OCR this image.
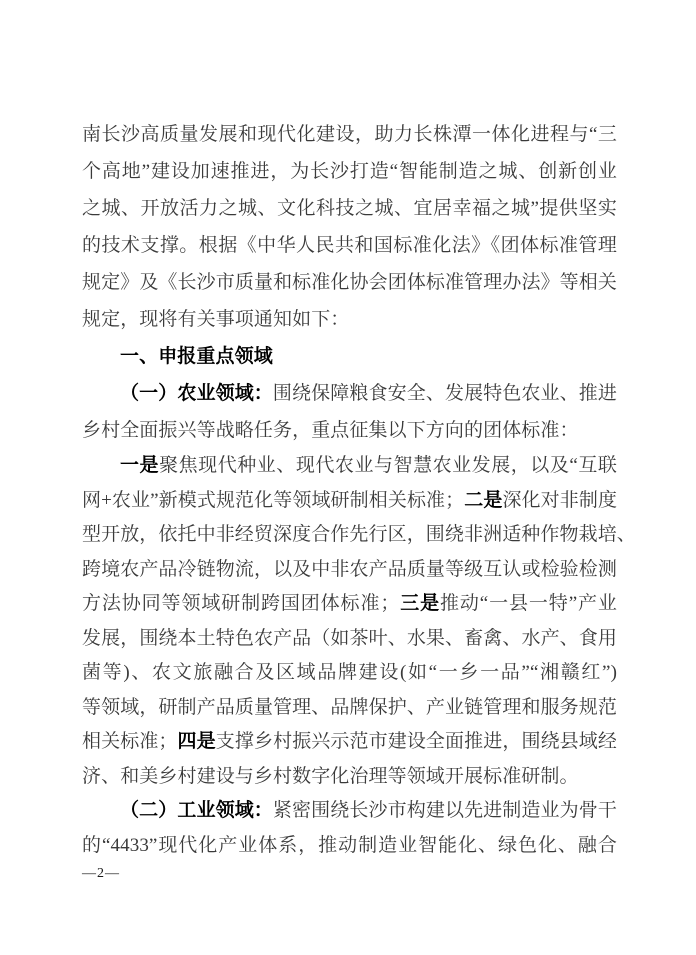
南长沙高质量发展和现代化建设，助力长株潭一体化进程与“三
个高地”建设加速推进，为长沙打造“智能制造之城、创新创业
之城、开放活力之城、文化科技之城、宜居幸福之城”提供坚实
的技术支撑。根据《中华人民共和国标准化法》《团体标准管理
规定》及《长沙市质量和标准化协会团体标准管理办法》等相关
规定，现将有关事项通知如下：
一、申报重点领域
（一）农业领域：围绕保障粮食安全、发展特色农业、推进
乡村全面振兴等战略任务，重点征集以下方向的团体标准：
一是聚焦现代种业、现代农业与智慧农业发展，以及“互联
网+农业”新模式规范化等领域研制相关标准；二是深化对非制度
型开放，依托中非经贸深度合作先行区，围绕非洲适种作物栽培、
跨境农产品冷链物流，以及中非农产品质量等级互认或检验检测
方法协同等领域研制跨国团体标准；三是推动“一县一特”产业
发展，围绕本土特色农产品（如茶叶、水果、畜禽、水产、食用
菌等)、农文旅融合及区域品牌建设(如“一乡一品”“湘赣红”)
等领域，研制产品质量管理、品牌保护、产业链管理和服务规范
相关标准；四是支撑乡村振兴示范市建设全面推进，围绕县域经
济、和美乡村建设与乡村数字化治理等领域开展标准研制。
（二）工业领域：紧密围绕长沙市构建以先进制造业为骨干
的“4433”现代化产业体系，推动制造业智能化、绿色化、融合
—2—
